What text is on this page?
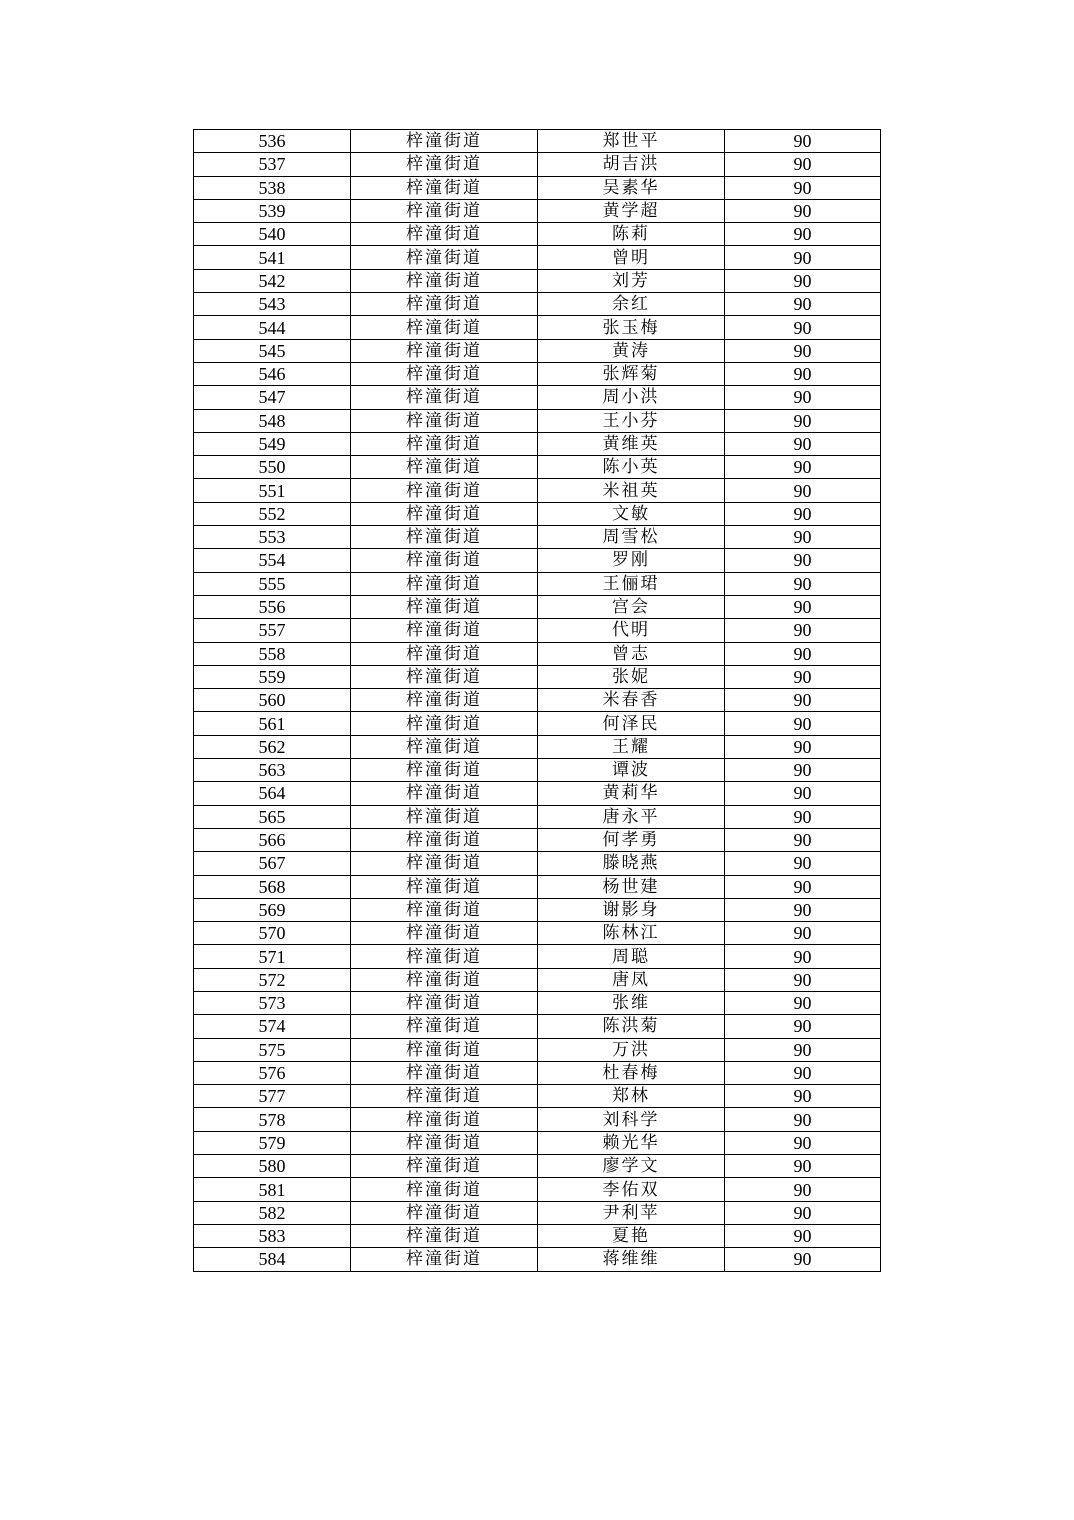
536	梓潼街道	郑世平	90
537	梓潼街道	胡吉洪	90
538	梓潼街道	吴素华	90
539	梓潼街道	黄学超	90
540	梓潼街道	陈莉	90
541	梓潼街道	曾明	90
542	梓潼街道	刘芳	90
543	梓潼街道	余红	90
544	梓潼街道	张玉梅	90
545	梓潼街道	黄涛	90
546	梓潼街道	张辉菊	90
547	梓潼街道	周小洪	90
548	梓潼街道	王小芬	90
549	梓潼街道	黄维英	90
550	梓潼街道	陈小英	90
551	梓潼街道	米祖英	90
552	梓潼街道	文敏	90
553	梓潼街道	周雪松	90
554	梓潼街道	罗刚	90
555	梓潼街道	王俪珺	90
556	梓潼街道	宫会	90
557	梓潼街道	代明	90
558	梓潼街道	曾志	90
559	梓潼街道	张妮	90
560	梓潼街道	米春香	90
561	梓潼街道	何泽民	90
562	梓潼街道	王耀	90
563	梓潼街道	谭波	90
564	梓潼街道	黄莉华	90
565	梓潼街道	唐永平	90
566	梓潼街道	何孝勇	90
567	梓潼街道	滕晓燕	90
568	梓潼街道	杨世建	90
569	梓潼街道	谢影身	90
570	梓潼街道	陈林江	90
571	梓潼街道	周聪	90
572	梓潼街道	唐凤	90
573	梓潼街道	张维	90
574	梓潼街道	陈洪菊	90
575	梓潼街道	万洪	90
576	梓潼街道	杜春梅	90
577	梓潼街道	郑林	90
578	梓潼街道	刘科学	90
579	梓潼街道	赖光华	90
580	梓潼街道	廖学文	90
581	梓潼街道	李佑双	90
582	梓潼街道	尹利苹	90
583	梓潼街道	夏艳	90
584	梓潼街道	蒋维维	90
